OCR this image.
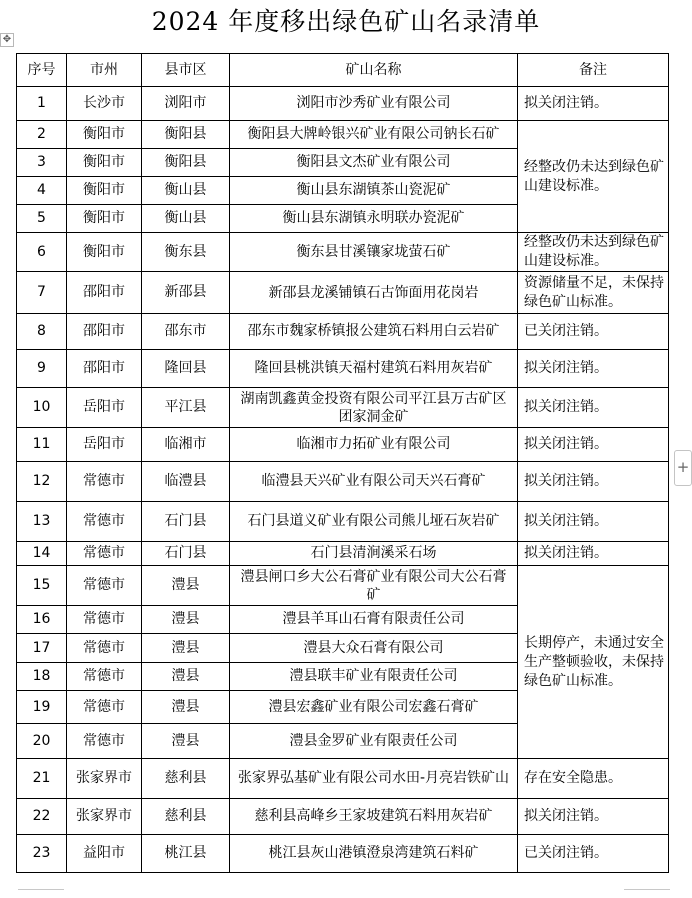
2024 年度移出绿色矿山名录清单
✥
序号	市州	县市区	矿山名称	备注
1	长沙市	浏阳市	浏阳市沙秀矿业有限公司	拟关闭注销。
2	衡阳市	衡阳县	衡阳县大牌岭银兴矿业有限公司钠长石矿	经整改仍未达到绿色矿山建设标准。
3	衡阳市	衡阳县	衡阳县文杰矿业有限公司	
4	衡阳市	衡山县	衡山县东湖镇茶山瓷泥矿	
5	衡阳市	衡山县	衡山县东湖镇永明联办瓷泥矿	
6	衡阳市	衡东县	衡东县甘溪镶家垅萤石矿	经整改仍未达到绿色矿山建设标准。
7	邵阳市	新邵县	新邵县龙溪铺镇石古饰面用花岗岩	资源储量不足，未保持绿色矿山标准。
8	邵阳市	邵东市	邵东市魏家桥镇报公建筑石料用白云岩矿	已关闭注销。
9	邵阳市	隆回县	隆回县桃洪镇天福村建筑石料用灰岩矿	拟关闭注销。
10	岳阳市	平江县	湖南凯鑫黄金投资有限公司平江县万古矿区团家洞金矿	拟关闭注销。
11	岳阳市	临湘市	临湘市力拓矿业有限公司	拟关闭注销。
12	常德市	临澧县	临澧县天兴矿业有限公司天兴石膏矿	拟关闭注销。
13	常德市	石门县	石门县道义矿业有限公司熊儿垭石灰岩矿	拟关闭注销。
14	常德市	石门县	石门县清涧溪采石场	拟关闭注销。
15	常德市	澧县	澧县闸口乡大公石膏矿业有限公司大公石膏矿	长期停产，未通过安全生产整顿验收，未保持绿色矿山标准。
16	常德市	澧县	澧县羊耳山石膏有限责任公司	
17	常德市	澧县	澧县大众石膏有限公司	
18	常德市	澧县	澧县联丰矿业有限责任公司	
19	常德市	澧县	澧县宏鑫矿业有限公司宏鑫石膏矿	
20	常德市	澧县	澧县金罗矿业有限责任公司	
21	张家界市	慈利县	张家界弘基矿业有限公司水田-月亮岩铁矿山	存在安全隐患。
22	张家界市	慈利县	慈利县高峰乡王家坡建筑石料用灰岩矿	拟关闭注销。
23	益阳市	桃江县	桃江县灰山港镇澄泉湾建筑石料矿	已关闭注销。
+
